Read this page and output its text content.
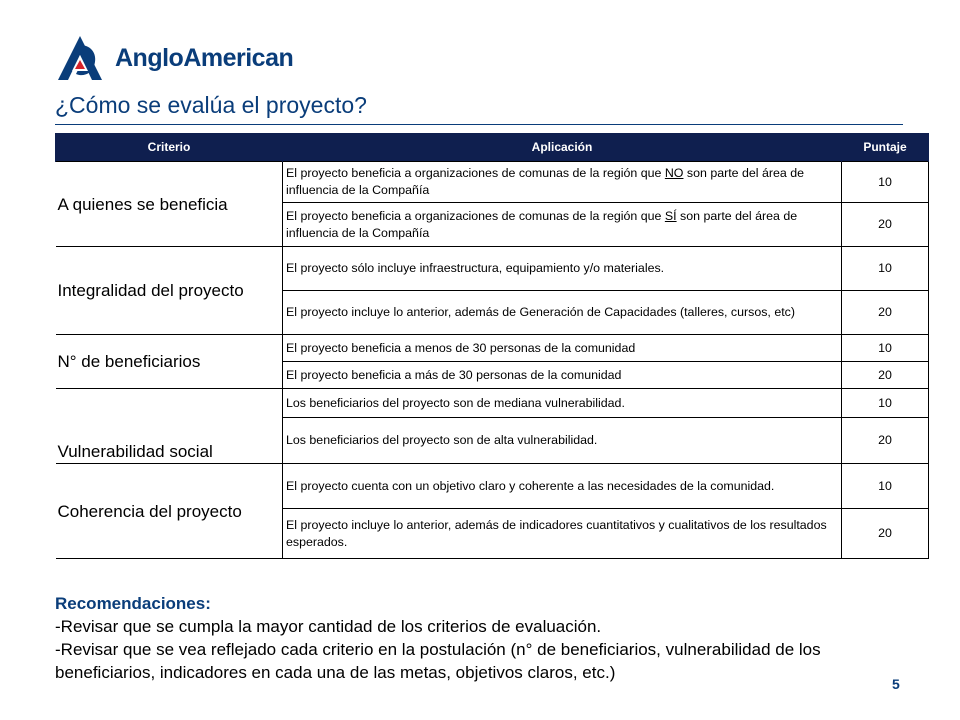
AngloAmerican
¿Cómo se evalúa el proyecto?
Criterio	Aplicación	Puntaje
A quienes se beneficia	El proyecto beneficia a organizaciones de comunas de la región que NO son parte del área de influencia de la Compañía	10
	El proyecto beneficia a organizaciones de comunas de la región que SÍ son parte del área de influencia de la Compañía	20
Integralidad del proyecto	El proyecto sólo incluye infraestructura, equipamiento y/o materiales.	10
	El proyecto incluye lo anterior, además de Generación de Capacidades (talleres, cursos, etc)	20
N° de beneficiarios	El proyecto beneficia a menos de 30 personas de la comunidad	10
	El proyecto beneficia a más de 30 personas de la comunidad	20
Vulnerabilidad social	Los beneficiarios del proyecto son de mediana vulnerabilidad.	10
	Los beneficiarios del proyecto son de alta vulnerabilidad.	20
Coherencia del proyecto	El proyecto cuenta con un objetivo claro y coherente a las necesidades de la comunidad.	10
	El proyecto incluye lo anterior, además de indicadores cuantitativos y cualitativos de los resultados esperados.	20
Recomendaciones:
-Revisar que se cumpla la mayor cantidad de los criterios de evaluación.
-Revisar que se vea reflejado cada criterio en la postulación (n° de beneficiarios, vulnerabilidad de los beneficiarios, indicadores en cada una de las metas, objetivos claros, etc.)
5
